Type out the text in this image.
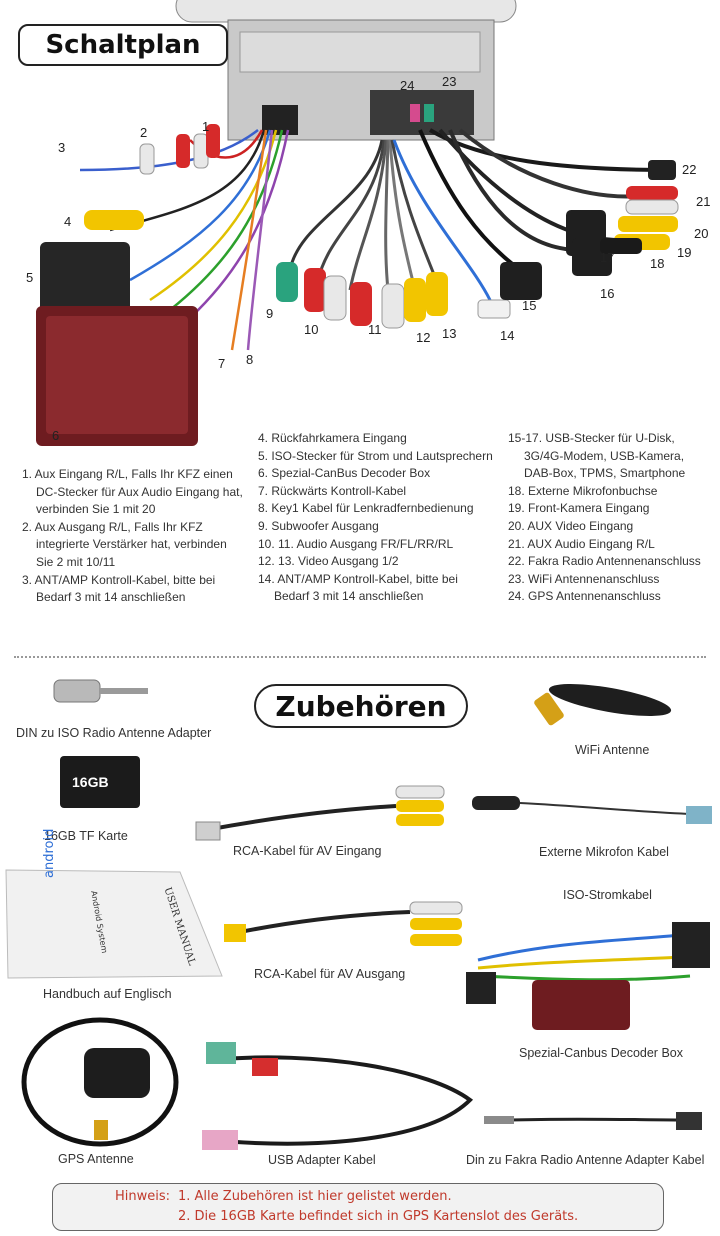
Schaltplan
Zubehören
1
2
3
4
5
6
7 8
9
10	11
12 13	14
15
16
17	18
19
20
21
22
23
24

1. Aux Eingang R/L, Falls Ihr KFZ einen

DC-Stecker für Aux Audio Eingang hat,

verbinden Sie 1 mit 20

2. Aux Ausgang R/L, Falls Ihr KFZ

integrierte Verstärker hat, verbinden

Sie 2 mit 10/11

3. ANT/AMP Kontroll-Kabel, bitte bei

Bedarf 3 mit 14 anschließen

4. Rückfahrkamera Eingang

5. ISO-Stecker für Strom und Lautsprechern

6. Spezial-CanBus Decoder Box

7. Rückwärts Kontroll-Kabel

8. Key1 Kabel für Lenkradfernbedienung

9. Subwoofer Ausgang

10. 11. Audio Ausgang FR/FL/RR/RL

12. 13. Video Ausgang 1/2

14. ANT/AMP Kontroll-Kabel, bitte bei

Bedarf 3 mit 14 anschließen

15-17. USB-Stecker für U-Disk,

3G/4G-Modem, USB-Kamera,

DAB-Box, TPMS, Smartphone

18. Externe Mikrofonbuchse

19. Front-Kamera Eingang

20. AUX Video Eingang

21. AUX Audio Eingang R/L

22. Fakra Radio Antennenanschluss

23. WiFi Antennenanschluss

24. GPS Antennenanschluss

DIN zu ISO Radio Antenne Adapter
WiFi Antenne
16GB
16GB TF Karte
RCA-Kabel für AV Eingang	Externe Mikrofon Kabel
ISO-Stromkabel
android
Android System	USER MANUAL
Handbuch auf Englisch
RCA-Kabel für AV Ausgang
Spezial-Canbus Decoder Box
GPS Antenne	USB Adapter Kabel	Din zu Fakra Radio Antenne Adapter Kabel
Hinweis: 1. Alle Zubehören ist hier gelistet werden.
2. Die 16GB Karte befindet sich in GPS Kartenslot des Geräts.
